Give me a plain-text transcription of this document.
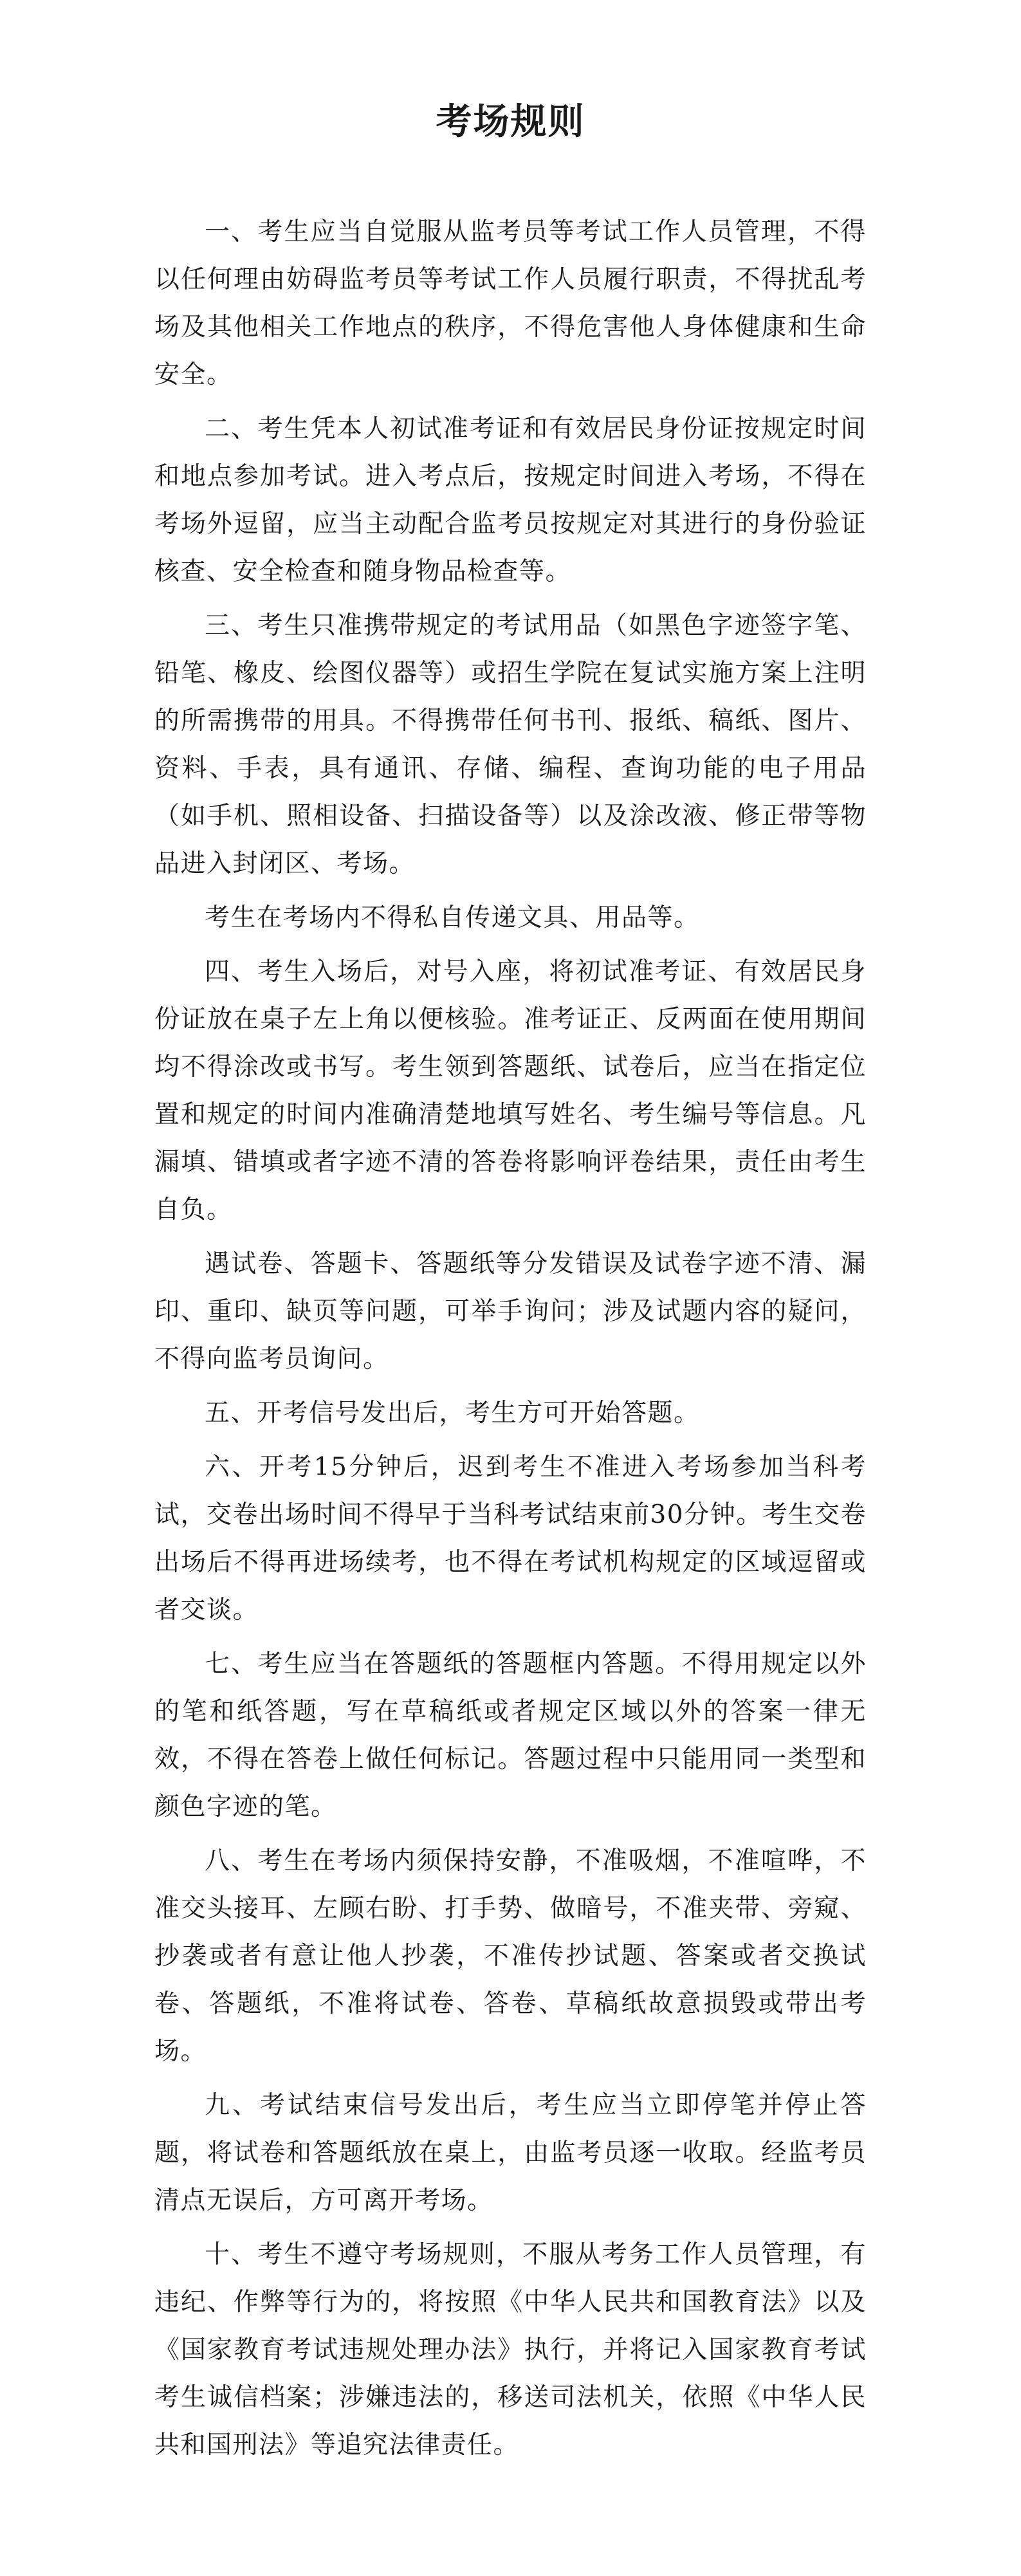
考场规则

一、考生应当自觉服从监考员等考试工作人员管理，不得以任何理由妨碍监考员等考试工作人员履行职责，不得扰乱考场及其他相关工作地点的秩序，不得危害他人身体健康和生命安全。

二、考生凭本人初试准考证和有效居民身份证按规定时间和地点参加考试。进入考点后，按规定时间进入考场，不得在考场外逗留，应当主动配合监考员按规定对其进行的身份验证核查、安全检查和随身物品检查等。

三、考生只准携带规定的考试用品（如黑色字迹签字笔、铅笔、橡皮、绘图仪器等）或招生学院在复试实施方案上注明的所需携带的用具。不得携带任何书刊、报纸、稿纸、图片、资料、手表，具有通讯、存储、编程、查询功能的电子用品（如手机、照相设备、扫描设备等）以及涂改液、修正带等物品进入封闭区、考场。

考生在考场内不得私自传递文具、用品等。

四、考生入场后，对号入座，将初试准考证、有效居民身份证放在桌子左上角以便核验。准考证正、反两面在使用期间均不得涂改或书写。考生领到答题纸、试卷后，应当在指定位置和规定的时间内准确清楚地填写姓名、考生编号等信息。凡漏填、错填或者字迹不清的答卷将影响评卷结果，责任由考生自负。

遇试卷、答题卡、答题纸等分发错误及试卷字迹不清、漏印、重印、缺页等问题，可举手询问；涉及试题内容的疑问，不得向监考员询问。

五、开考信号发出后，考生方可开始答题。

六、开考15分钟后，迟到考生不准进入考场参加当科考试，交卷出场时间不得早于当科考试结束前30分钟。考生交卷出场后不得再进场续考，也不得在考试机构规定的区域逗留或者交谈。

七、考生应当在答题纸的答题框内答题。不得用规定以外的笔和纸答题，写在草稿纸或者规定区域以外的答案一律无效，不得在答卷上做任何标记。答题过程中只能用同一类型和颜色字迹的笔。

八、考生在考场内须保持安静，不准吸烟，不准喧哗，不准交头接耳、左顾右盼、打手势、做暗号，不准夹带、旁窥、抄袭或者有意让他人抄袭，不准传抄试题、答案或者交换试卷、答题纸，不准将试卷、答卷、草稿纸故意损毁或带出考场。

九、考试结束信号发出后，考生应当立即停笔并停止答题，将试卷和答题纸放在桌上，由监考员逐一收取。经监考员清点无误后，方可离开考场。

十、考生不遵守考场规则，不服从考务工作人员管理，有违纪、作弊等行为的，将按照《中华人民共和国教育法》以及《国家教育考试违规处理办法》执行，并将记入国家教育考试考生诚信档案；涉嫌违法的，移送司法机关，依照《中华人民共和国刑法》等追究法律责任。
